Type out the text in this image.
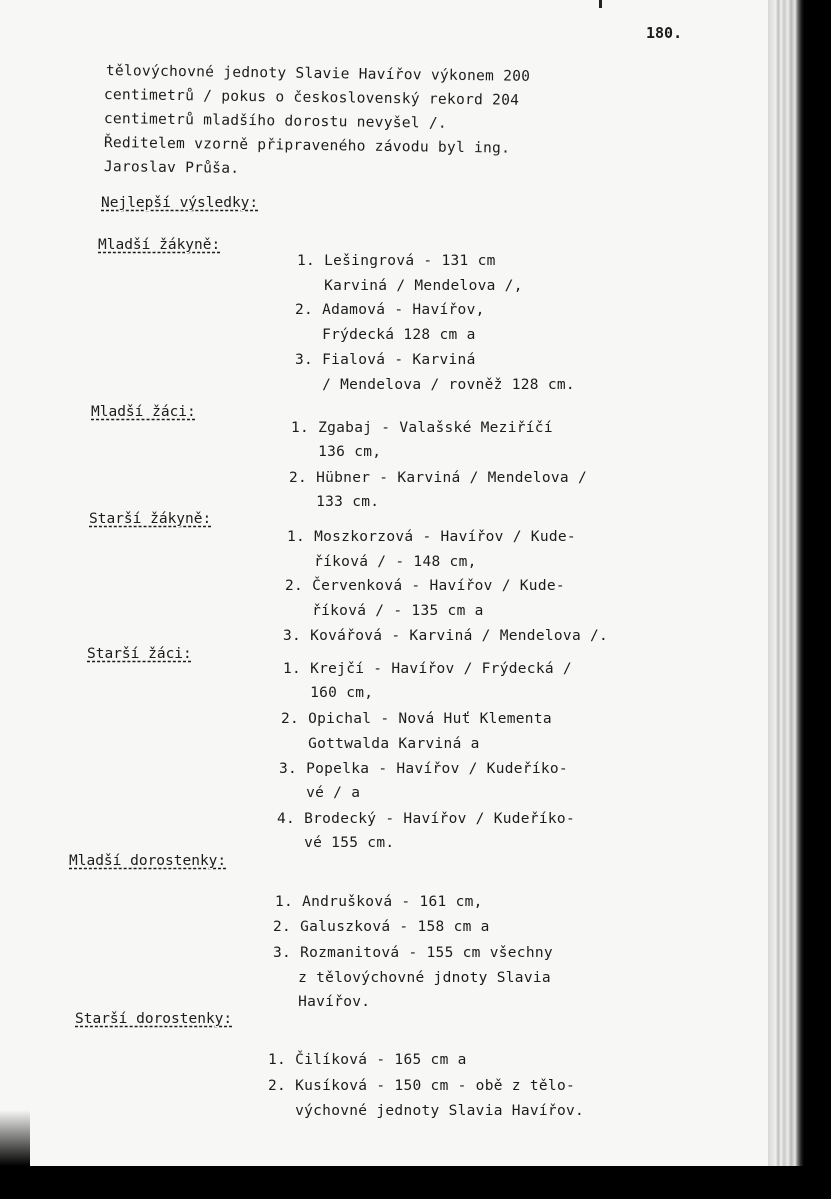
180.
tělovýchovné jednoty Slavie Havířov výkonem 200
centimetrů / pokus o československý rekord 204
centimetrů mladšího dorostu nevyšel /.
Ředitelem vzorně připraveného závodu byl ing.
Jaroslav Průša.
Nejlepší výsledky:
Mladší žákyně:
1. Lešingrová - 131 cm
Karviná / Mendelova /,
2. Adamová - Havířov,
Frýdecká 128 cm a
3. Fialová - Karviná
/ Mendelova / rovněž 128 cm.
Mladší žáci:
1. Zgabaj - Valašské Meziříčí
136 cm,
2. Hübner - Karviná / Mendelova /
133 cm.
Starší žákyně:
1. Moszkorzová - Havířov / Kude-
říková / - 148 cm,
2. Červenková - Havířov / Kude-
říková / - 135 cm a
3. Kovářová - Karviná / Mendelova /.
Starší žáci:
1. Krejčí - Havířov / Frýdecká /
160 cm,
2. Opichal - Nová Huť Klementa
Gottwalda Karviná a
3. Popelka - Havířov / Kudeříko-
vé / a
4. Brodecký - Havířov / Kudeříko-
vé 155 cm.
Mladší dorostenky:
1. Andrušková - 161 cm,
2. Galuszková - 158 cm a
3. Rozmanitová - 155 cm všechny
z tělovýchovné jdnoty Slavia
Havířov.
Starší dorostenky:
1. Čilíková - 165 cm a
2. Kusíková - 150 cm - obě z tělo-
výchovné jednoty Slavia Havířov.
